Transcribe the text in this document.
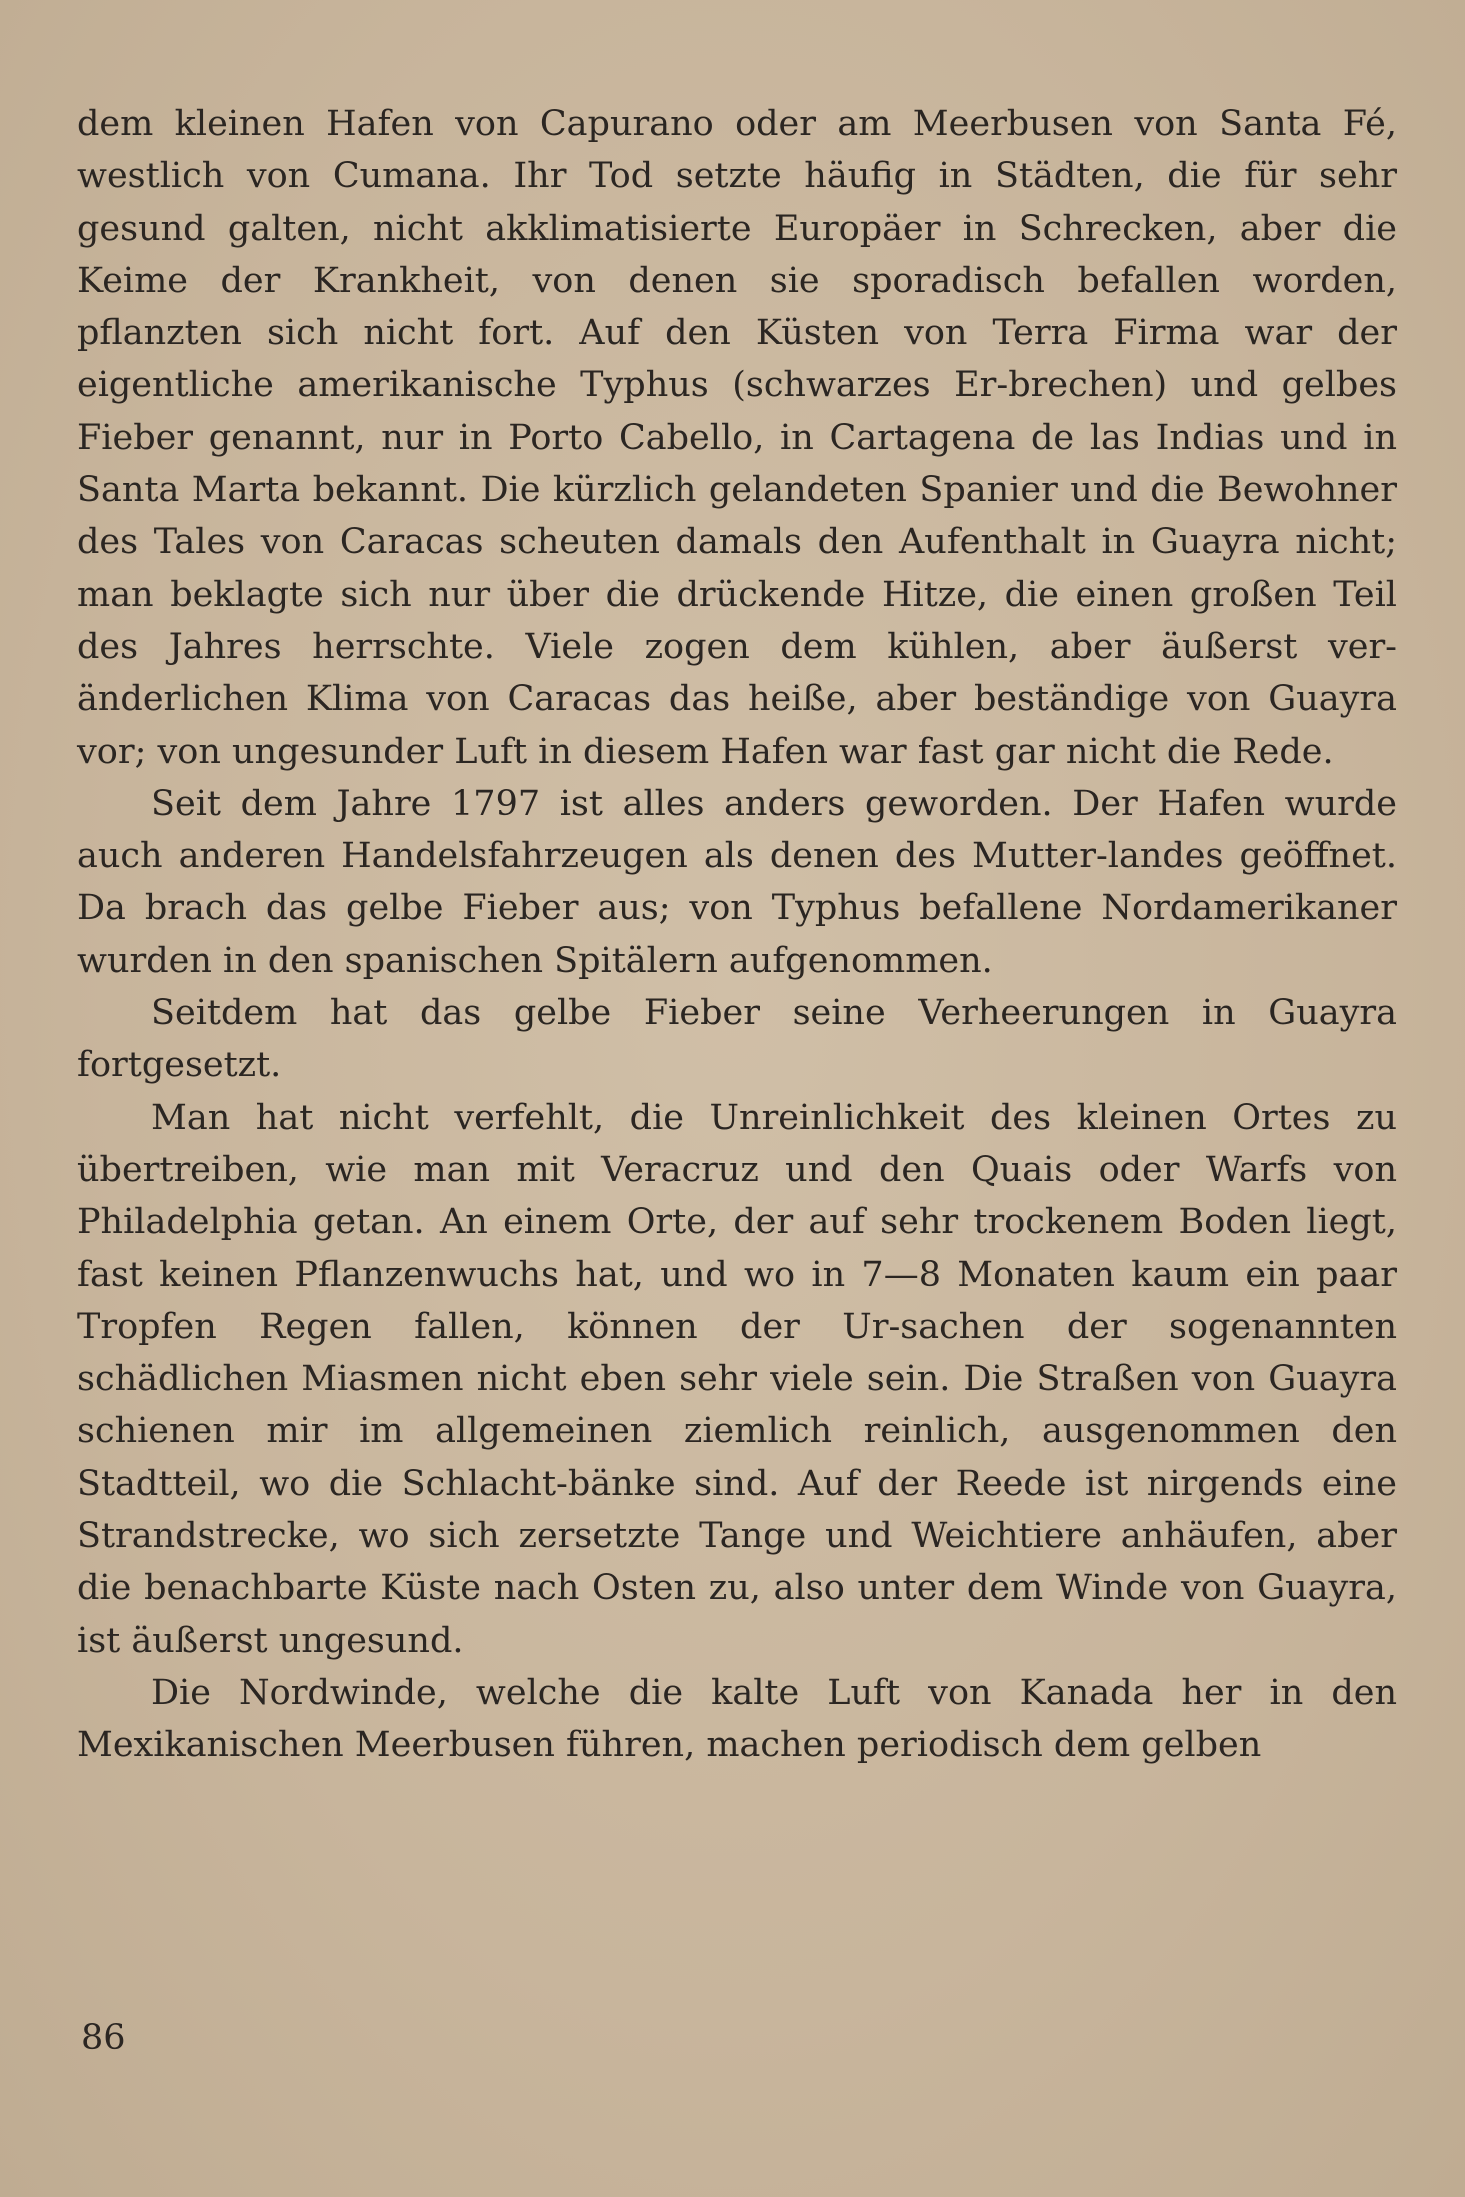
dem kleinen Hafen von Capurano oder am Meerbusen von Santa Fé, westlich von Cumana. Ihr Tod setzte häufig in Städten, die für sehr gesund galten, nicht akklimatisierte Europäer in Schrecken, aber die Keime der Krankheit, von denen sie sporadisch befallen worden, pflanzten sich nicht fort. Auf den Küsten von Terra Firma war der eigentliche amerikanische Typhus (schwarzes Er-brechen) und gelbes Fieber genannt, nur in Porto Cabello, in Cartagena de las Indias und in Santa Marta bekannt. Die kürzlich gelandeten Spanier und die Bewohner des Tales von Caracas scheuten damals den Aufenthalt in Guayra nicht; man beklagte sich nur über die drückende Hitze, die einen großen Teil des Jahres herrschte. Viele zogen dem kühlen, aber äußerst ver-änderlichen Klima von Caracas das heiße, aber beständige von Guayra vor; von ungesunder Luft in diesem Hafen war fast gar nicht die Rede.

Seit dem Jahre 1797 ist alles anders geworden. Der Hafen wurde auch anderen Handelsfahrzeugen als denen des Mutter-landes geöffnet. Da brach das gelbe Fieber aus; von Typhus befallene Nordamerikaner wurden in den spanischen Spitälern aufgenommen.

Seitdem hat das gelbe Fieber seine Verheerungen in Guayra fortgesetzt.

Man hat nicht verfehlt, die Unreinlichkeit des kleinen Ortes zu übertreiben, wie man mit Veracruz und den Quais oder Warfs von Philadelphia getan. An einem Orte, der auf sehr trockenem Boden liegt, fast keinen Pflanzenwuchs hat, und wo in 7—8 Monaten kaum ein paar Tropfen Regen fallen, können der Ur-sachen der sogenannten schädlichen Miasmen nicht eben sehr viele sein. Die Straßen von Guayra schienen mir im allgemeinen ziemlich reinlich, ausgenommen den Stadtteil, wo die Schlacht-bänke sind. Auf der Reede ist nirgends eine Strandstrecke, wo sich zersetzte Tange und Weichtiere anhäufen, aber die benachbarte Küste nach Osten zu, also unter dem Winde von Guayra, ist äußerst ungesund.

Die Nordwinde, welche die kalte Luft von Kanada her in den Mexikanischen Meerbusen führen, machen periodisch dem gelben

86
